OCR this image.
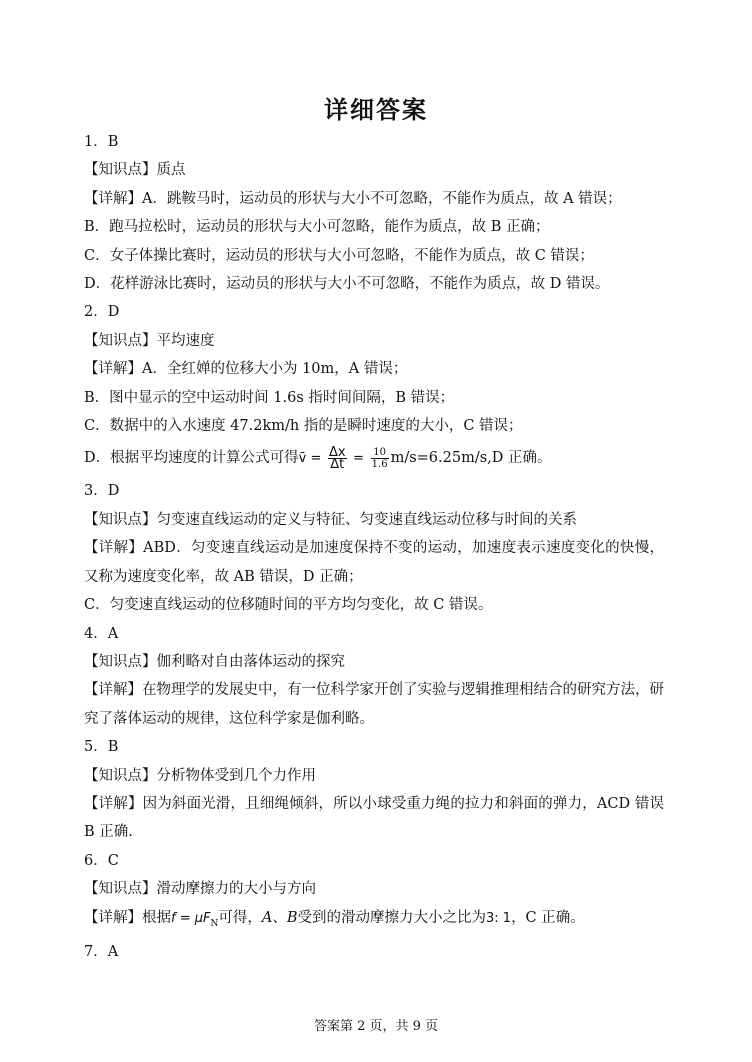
详细答案
1．B
【知识点】质点
【详解】A．跳鞍马时，运动员的形状与大小不可忽略，不能作为质点，故 A 错误；
B．跑马拉松时，运动员的形状与大小可忽略，能作为质点，故 B 正确；
C．女子体操比赛时，运动员的形状与大小可忽略，不能作为质点，故 C 错误；
D．花样游泳比赛时，运动员的形状与大小不可忽略，不能作为质点，故 D 错误。
2．D
【知识点】平均速度
【详解】A．全红婵的位移大小为 10m，A 错误；
B．图中显示的空中运动时间 1.6s 指时间间隔，B 错误；
C．数据中的入水速度 47.2km/h 指的是瞬时速度的大小，C 错误；
D．根据平均速度的计算公式可得v̄ = $\frac{\Delta x}{\Delta t} = \frac{10}{1.6} m/s=6.25m/s,D$ 正确。
3．D
【知识点】匀变速直线运动的定义与特征、匀变速直线运动位移与时间的关系
【详解】ABD．匀变速直线运动是加速度保持不变的运动，加速度表示速度变化的快慢，又称为速度变化率，故 AB 错误，D 正确；
C．匀变速直线运动的位移随时间的平方均匀变化，故 C 错误。
4．A
【知识点】伽利略对自由落体运动的探究
【详解】在物理学的发展史中，有一位科学家开创了实验与逻辑推理相结合的研究方法，研究了落体运动的规律，这位科学家是伽利略。
5．B
【知识点】分析物体受到几个力作用
【详解】因为斜面光滑，且细绳倾斜，所以小球受重力绳的拉力和斜面的弹力，ACD 错误 B 正确.
6．C
【知识点】滑动摩擦力的大小与方向
【详解】根据$f = \mu F_N$可得，A、B受到的滑动摩擦力大小之比为3: 1，C 正确。
7．A
答案第 2 页，共 9 页
